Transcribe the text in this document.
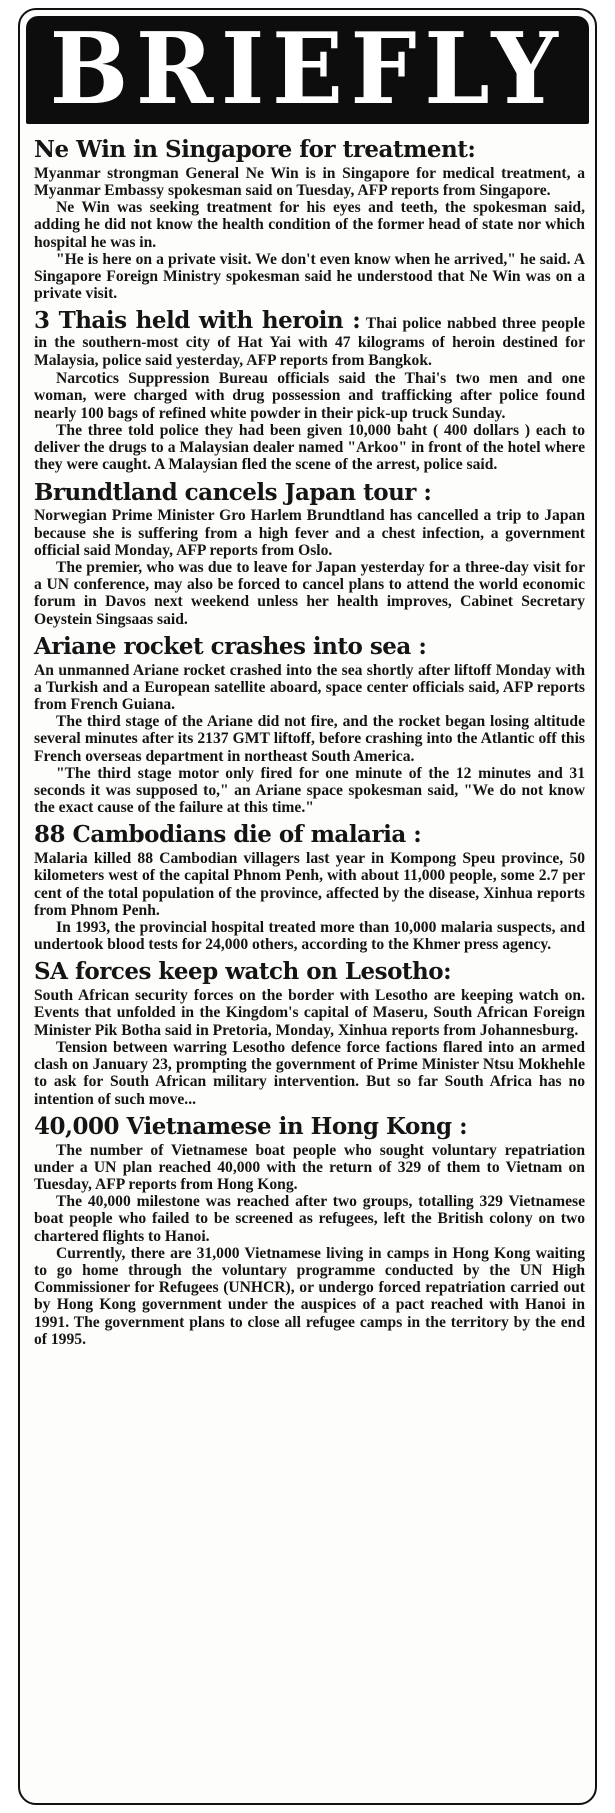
BRIEFLY
Ne Win in Singapore for treatment:

Myanmar strongman General Ne Win is in Singapore for medical treatment, a Myanmar Embassy spokesman said on Tuesday, AFP reports from Singapore.

Ne Win was seeking treatment for his eyes and teeth, the spokesman said, adding he did not know the health condition of the former head of state nor which hospital he was in.

"He is here on a private visit. We don't even know when he arrived," he said. A Singapore Foreign Ministry spokesman said he understood that Ne Win was on a private visit.

3 Thais held with heroin : Thai police nabbed three people in the southern-most city of Hat Yai with 47 kilograms of heroin destined for Malaysia, police said yesterday, AFP reports from Bangkok.

Narcotics Suppression Bureau officials said the Thai's two men and one woman, were charged with drug possession and trafficking after police found nearly 100 bags of refined white powder in their pick-up truck Sunday.

The three told police they had been given 10,000 baht ( 400 dollars ) each to deliver the drugs to a Malaysian dealer named "Arkoo" in front of the hotel where they were caught. A Malaysian fled the scene of the arrest, police said.

Brundtland cancels Japan tour :

Norwegian Prime Minister Gro Harlem Brundtland has cancelled a trip to Japan because she is suffering from a high fever and a chest infection, a government official said Monday, AFP reports from Oslo.

The premier, who was due to leave for Japan yesterday for a three-day visit for a UN conference, may also be forced to cancel plans to attend the world economic forum in Davos next weekend unless her health improves, Cabinet Secretary Oeystein Singsaas said.

Ariane rocket crashes into sea :

An unmanned Ariane rocket crashed into the sea shortly after liftoff Monday with a Turkish and a European satellite aboard, space center officials said, AFP reports from French Guiana.

The third stage of the Ariane did not fire, and the rocket began losing altitude several minutes after its 2137 GMT liftoff, before crashing into the Atlantic off this French overseas department in northeast South America.

"The third stage motor only fired for one minute of the 12 minutes and 31 seconds it was supposed to," an Ariane space spokesman said, "We do not know the exact cause of the failure at this time."

88 Cambodians die of malaria :

Malaria killed 88 Cambodian villagers last year in Kompong Speu province, 50 kilometers west of the capital Phnom Penh, with about 11,000 people, some 2.7 per cent of the total population of the province, affected by the disease, Xinhua reports from Phnom Penh.

In 1993, the provincial hospital treated more than 10,000 malaria suspects, and undertook blood tests for 24,000 others, according to the Khmer press agency.

SA forces keep watch on Lesotho:

South African security forces on the border with Lesotho are keeping watch on. Events that unfolded in the Kingdom's capital of Maseru, South African Foreign Minister Pik Botha said in Pretoria, Monday, Xinhua reports from Johannesburg.

Tension between warring Lesotho defence force factions flared into an armed clash on January 23, prompting the government of Prime Minister Ntsu Mokhehle to ask for South African military intervention. But so far South Africa has no intention of such move...

40,000 Vietnamese in Hong Kong :

The number of Vietnamese boat people who sought voluntary repatriation under a UN plan reached 40,000 with the return of 329 of them to Vietnam on Tuesday, AFP reports from Hong Kong.

The 40,000 milestone was reached after two groups, totalling 329 Vietnamese boat people who failed to be screened as refugees, left the British colony on two chartered flights to Hanoi.

Currently, there are 31,000 Vietnamese living in camps in Hong Kong waiting to go home through the voluntary programme conducted by the UN High Commissioner for Refugees (UNHCR), or undergo forced repatriation carried out by Hong Kong government under the auspices of a pact reached with Hanoi in 1991. The government plans to close all refugee camps in the territory by the end of 1995.
